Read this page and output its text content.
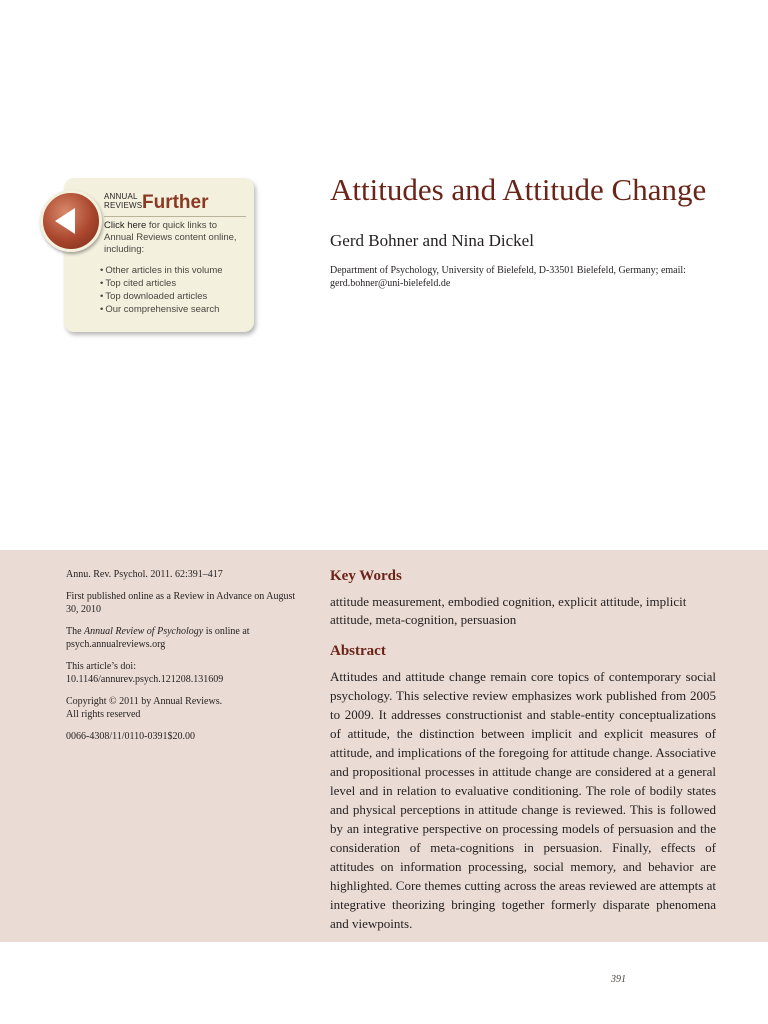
ANNUAL REVIEWS Further
Click here for quick links to Annual Reviews content online, including:
• Other articles in this volume
• Top cited articles
• Top downloaded articles
• Our comprehensive search
Attitudes and Attitude Change
Gerd Bohner and Nina Dickel
Department of Psychology, University of Bielefeld, D-33501 Bielefeld, Germany; email: gerd.bohner@uni-bielefeld.de

Annu. Rev. Psychol. 2011. 62:391–417

First published online as a Review in Advance on August 30, 2010

The Annual Review of Psychology is online at psych.annualreviews.org

This article’s doi:
10.1146/annurev.psych.121208.131609

Copyright © 2011 by Annual Reviews.
All rights reserved

0066-4308/11/0110-0391$20.00

Key Words
attitude measurement, embodied cognition, explicit attitude, implicit attitude, meta-cognition, persuasion
Abstract
Attitudes and attitude change remain core topics of contemporary social psychology. This selective review emphasizes work published from 2005 to 2009. It addresses constructionist and stable-entity conceptualizations of attitude, the distinction between implicit and explicit measures of attitude, and implications of the foregoing for attitude change. Associative and propositional processes in attitude change are considered at a general level and in relation to evaluative conditioning. The role of bodily states and physical perceptions in attitude change is reviewed. This is followed by an integrative perspective on processing models of persuasion and the consideration of meta-cognitions in persuasion. Finally, effects of attitudes on information processing, social memory, and behavior are highlighted. Core themes cutting across the areas reviewed are attempts at integrative theorizing bringing together formerly disparate phenomena and viewpoints.
391
